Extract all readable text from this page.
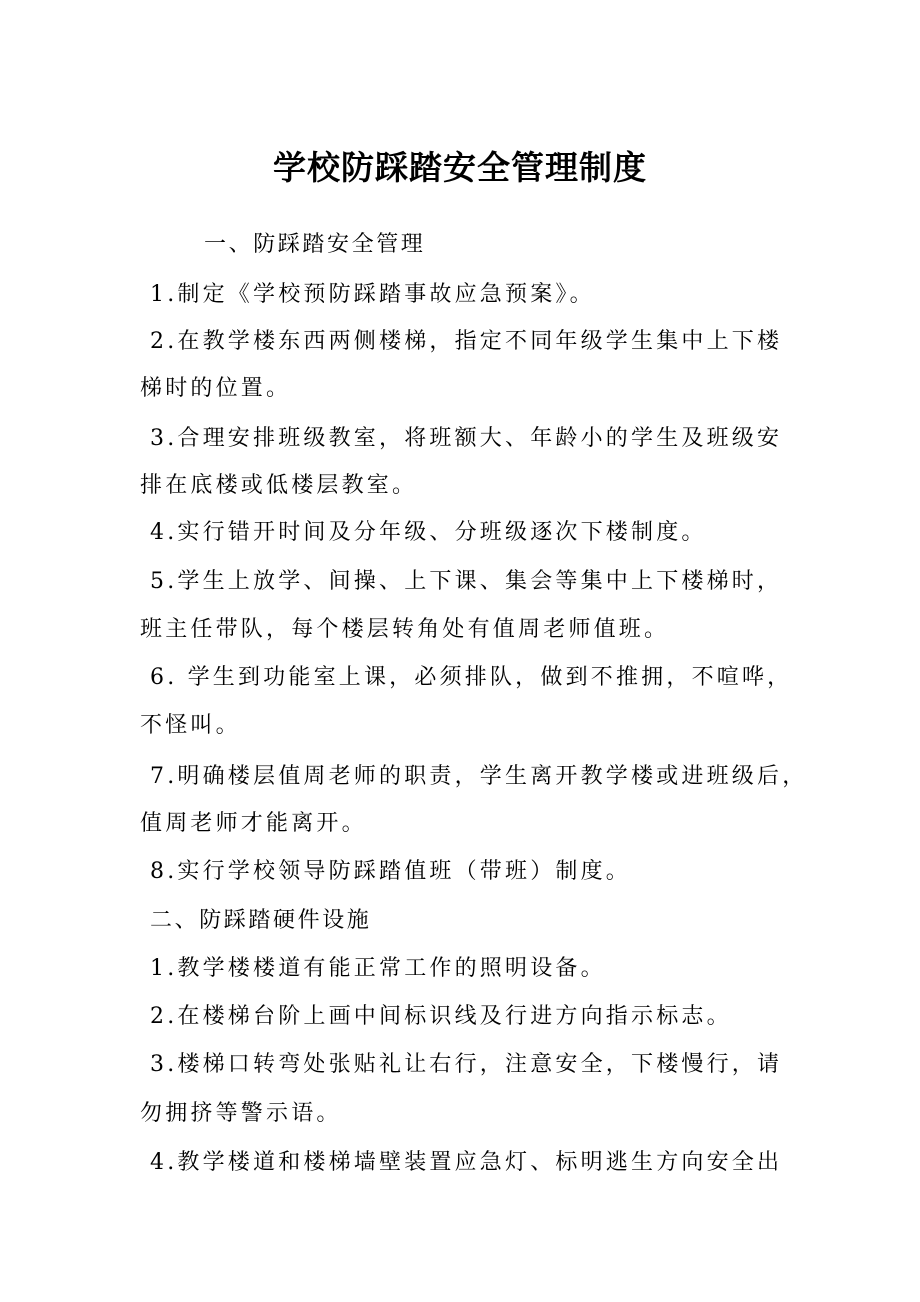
学校防踩踏安全管理制度
一、防踩踏安全管理
1.制定《学校预防踩踏事故应急预案》。
2.在教学楼东西两侧楼梯，指定不同年级学生集中上下楼
梯时的位置。
3.合理安排班级教室，将班额大、年龄小的学生及班级安
排在底楼或低楼层教室。
4.实行错开时间及分年级、分班级逐次下楼制度。
5.学生上放学、间操、上下课、集会等集中上下楼梯时，
班主任带队，每个楼层转角处有值周老师值班。
6. 学生到功能室上课，必须排队，做到不推拥，不喧哗，
不怪叫。
7.明确楼层值周老师的职责，学生离开教学楼或进班级后，
值周老师才能离开。
8.实行学校领导防踩踏值班（带班）制度。
二、防踩踏硬件设施
1.教学楼楼道有能正常工作的照明设备。
2.在楼梯台阶上画中间标识线及行进方向指示标志。
3.楼梯口转弯处张贴礼让右行，注意安全，下楼慢行，请
勿拥挤等警示语。
4.教学楼道和楼梯墙壁装置应急灯、标明逃生方向安全出
